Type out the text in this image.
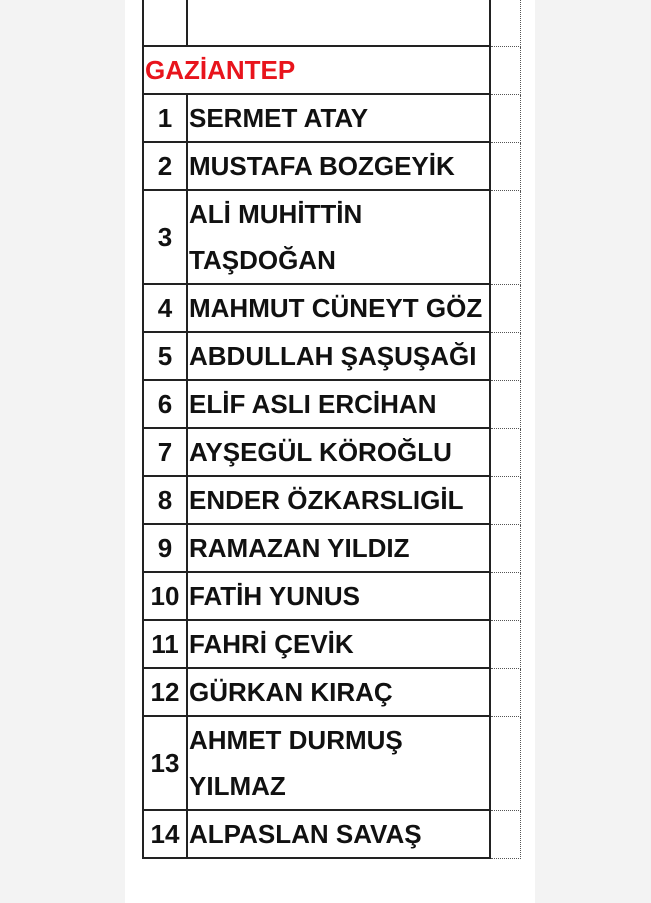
GAZİANTEP		
1	SERMET ATAY	
2	MUSTAFA BOZGEYİK	
3	ALİ MUHİTTİN TAŞDOĞAN	
4	MAHMUT CÜNEYT GÖZ	
5	ABDULLAH ŞAŞUŞAĞI	
6	ELİF ASLI ERCİHAN	
7	AYŞEGÜL KÖROĞLU	
8	ENDER ÖZKARSLIGİL	
9	RAMAZAN YILDIZ	
10	FATİH YUNUS	
11	FAHRİ ÇEVİK	
12	GÜRKAN KIRAÇ	
13	AHMET DURMUŞ YILMAZ	
14	ALPASLAN SAVAŞ	
